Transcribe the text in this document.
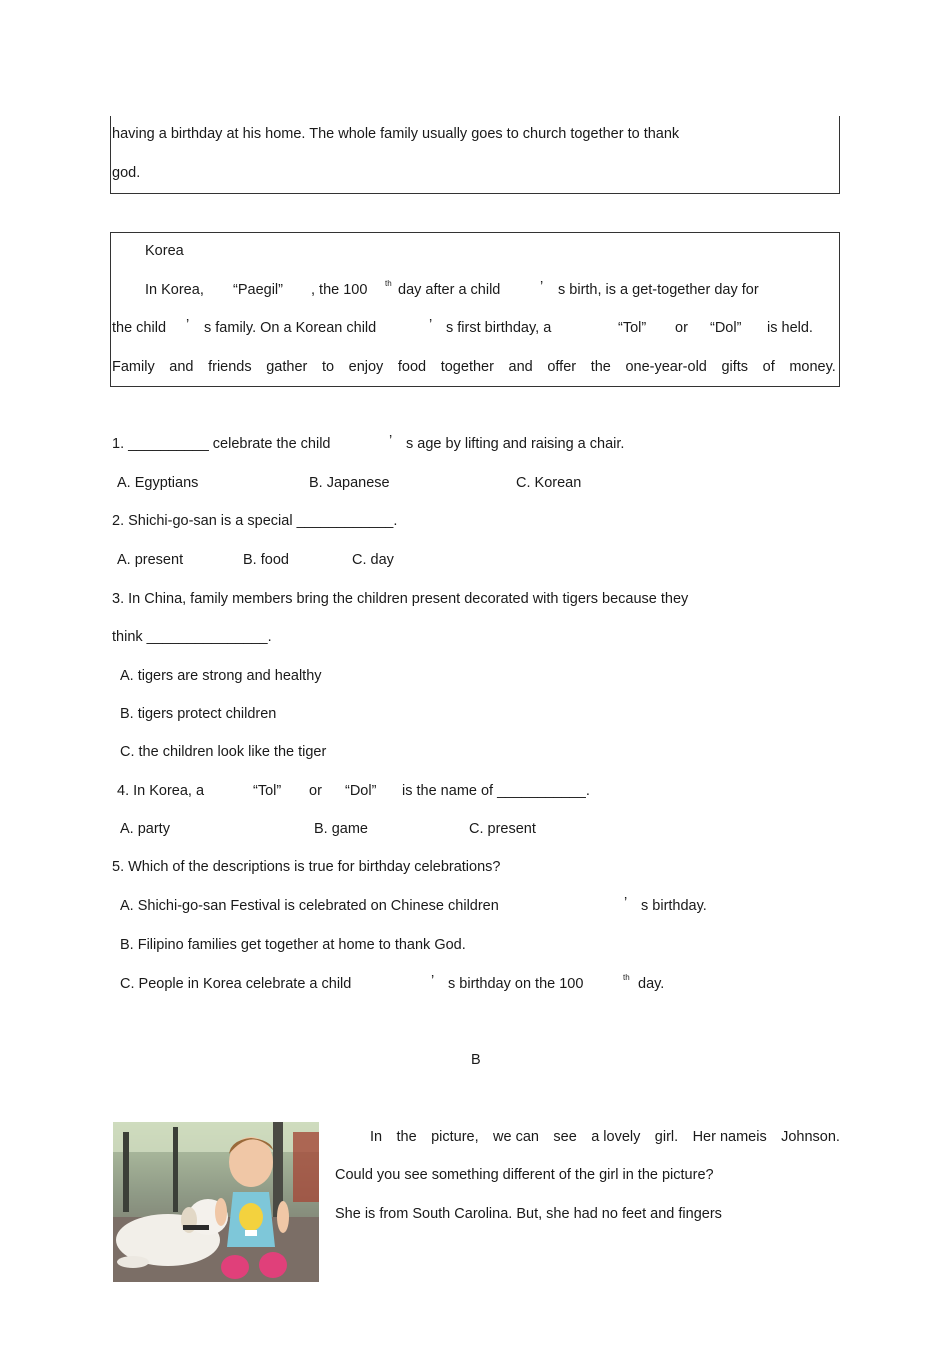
having a birthday at his home. The whole family usually goes to church together to thank
god.
Korea
In Korea, “Paegil” , the 100 th day after a child	’ s birth, is a get-together day for
the child ’ s family. On a Korean child	’ s first birthday, a	“Tol” or “Dol” is held.
Family and friends gather to enjoy food together and offer the one-year-old gifts of money.
1. __________ celebrate the child	’ s age by lifting and raising a chair.
A. Egyptians	B. Japanese	C. Korean
2. Shichi-go-san is a special ____________.
A. present	B. food	C. day
3. In China, family members bring the children present decorated with tigers because they
think _______________.
A. tigers are strong and healthy
B. tigers protect children
C. the children look like the tiger
4. In Korea, a	“Tol” or “Dol” is the name of ___________.
A. party	B. game	C. present
5. Which of the descriptions is true for birthday celebrations?
A. Shichi-go-san Festival is celebrated on Chinese children	’ s birthday.
B. Filipino families get together at home to thank God.
C. People in Korea celebrate a child	’ s birthday on the 100	th day.
B
In the picture, we can see a lovely girl. Her nameis Johnson.
Could you see something different of the girl in the picture?
She is from South Carolina. But, she had no feet and fingers
